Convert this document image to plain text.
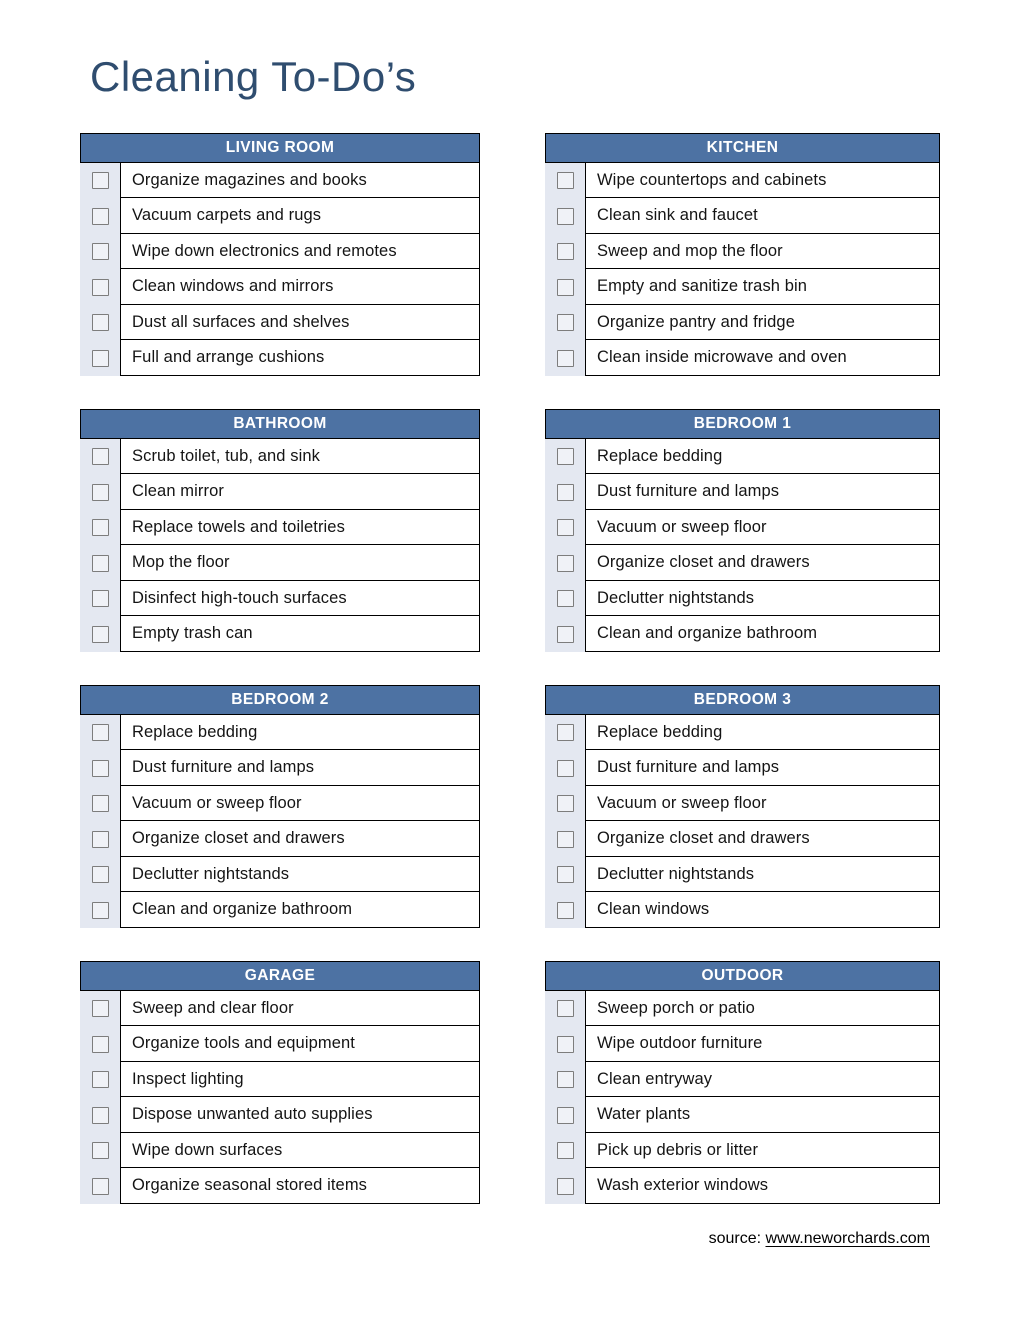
Cleaning To-Do’s
LIVING ROOM
Organize magazines and books
Vacuum carpets and rugs
Wipe down electronics and remotes
Clean windows and mirrors
Dust all surfaces and shelves
Full and arrange cushions
KITCHEN
Wipe countertops and cabinets
Clean sink and faucet
Sweep and mop the floor
Empty and sanitize trash bin
Organize pantry and fridge
Clean inside microwave and oven
BATHROOM
Scrub toilet, tub, and sink
Clean mirror
Replace towels and toiletries
Mop the floor
Disinfect high-touch surfaces
Empty trash can
BEDROOM 1
Replace bedding
Dust furniture and lamps
Vacuum or sweep floor
Organize closet and drawers
Declutter nightstands
Clean and organize bathroom
BEDROOM 2
Replace bedding
Dust furniture and lamps
Vacuum or sweep floor
Organize closet and drawers
Declutter nightstands
Clean and organize bathroom
BEDROOM 3
Replace bedding
Dust furniture and lamps
Vacuum or sweep floor
Organize closet and drawers
Declutter nightstands
Clean windows
GARAGE
Sweep and clear floor
Organize tools and equipment
Inspect lighting
Dispose unwanted auto supplies
Wipe down surfaces
Organize seasonal stored items
OUTDOOR
Sweep porch or patio
Wipe outdoor furniture
Clean entryway
Water plants
Pick up debris or litter
Wash exterior windows
source: www.neworchards.com
